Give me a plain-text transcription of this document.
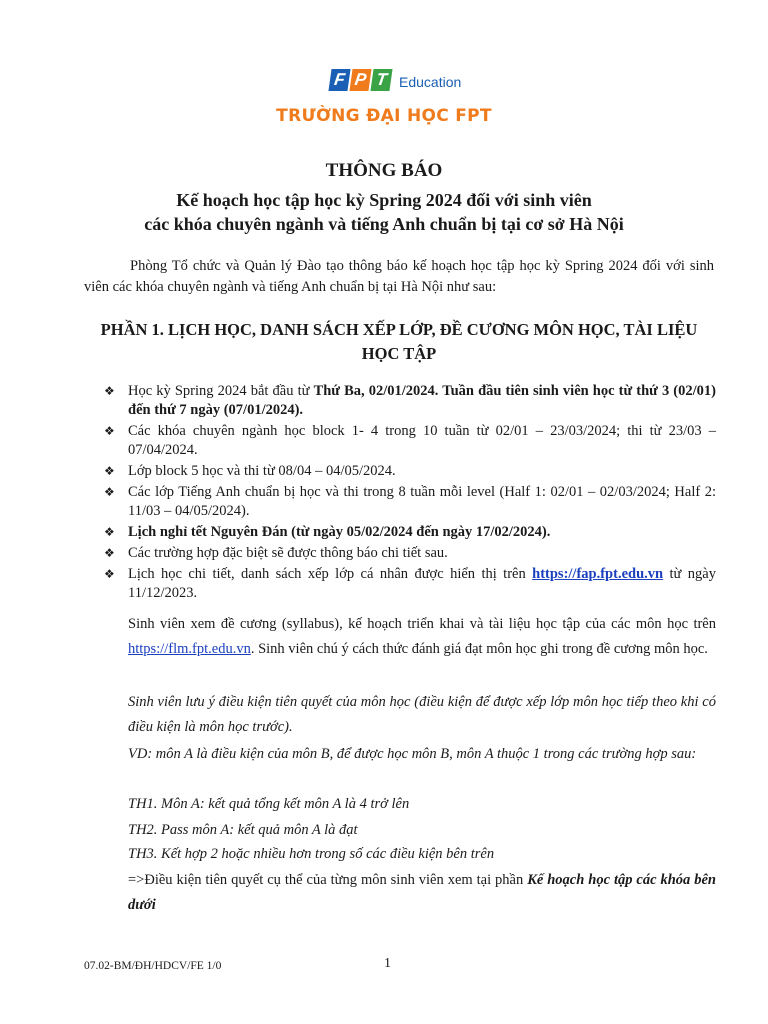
F P T Education
TRƯỜNG ĐẠI HỌC FPT
THÔNG BÁO
Kế hoạch học tập học kỳ Spring 2024 đối với sinh viên
các khóa chuyên ngành và tiếng Anh chuẩn bị tại cơ sở Hà Nội

Phòng Tổ chức và Quản lý Đào tạo thông báo kế hoạch học tập học kỳ Spring 2024 đối với sinh viên các khóa chuyên ngành và tiếng Anh chuẩn bị tại Hà Nội như sau:

PHẦN 1. LỊCH HỌC, DANH SÁCH XẾP LỚP, ĐỀ CƯƠNG MÔN HỌC, TÀI LIỆU HỌC TẬP
❖ Học kỳ Spring 2024 bắt đầu từ Thứ Ba, 02/01/2024. Tuần đầu tiên sinh viên học từ thứ 3 (02/01) đến thứ 7 ngày (07/01/2024).
❖ Các khóa chuyên ngành học block 1- 4 trong 10 tuần từ 02/01 – 23/03/2024; thi từ 23/03 – 07/04/2024.
❖ Lớp block 5 học và thi từ 08/04 – 04/05/2024.
❖ Các lớp Tiếng Anh chuẩn bị học và thi trong 8 tuần mỗi level (Half 1: 02/01 – 02/03/2024; Half 2: 11/03 – 04/05/2024).
❖ Lịch nghỉ tết Nguyên Đán (từ ngày 05/02/2024 đến ngày 17/02/2024).
❖ Các trường hợp đặc biệt sẽ được thông báo chi tiết sau.
❖ Lịch học chi tiết, danh sách xếp lớp cá nhân được hiển thị trên https://fap.fpt.edu.vn từ ngày 11/12/2023.

Sinh viên xem đề cương (syllabus), kế hoạch triển khai và tài liệu học tập của các môn học trên https://flm.fpt.edu.vn. Sinh viên chú ý cách thức đánh giá đạt môn học ghi trong đề cương môn học.

Sinh viên lưu ý điều kiện tiên quyết của môn học (điều kiện để được xếp lớp môn học tiếp theo khi có điều kiện là môn học trước).

VD: môn A là điều kiện của môn B, để được học môn B, môn A thuộc 1 trong các trường hợp sau:

TH1. Môn A: kết quả tổng kết môn A là 4 trở lên

TH2. Pass môn A: kết quả môn A là đạt

TH3. Kết hợp 2 hoặc nhiều hơn trong số các điều kiện bên trên

=>Điều kiện tiên quyết cụ thể của từng môn sinh viên xem tại phần Kế hoạch học tập các khóa bên dưới

07.02-BM/ĐH/HDCV/FE 1/0	1
